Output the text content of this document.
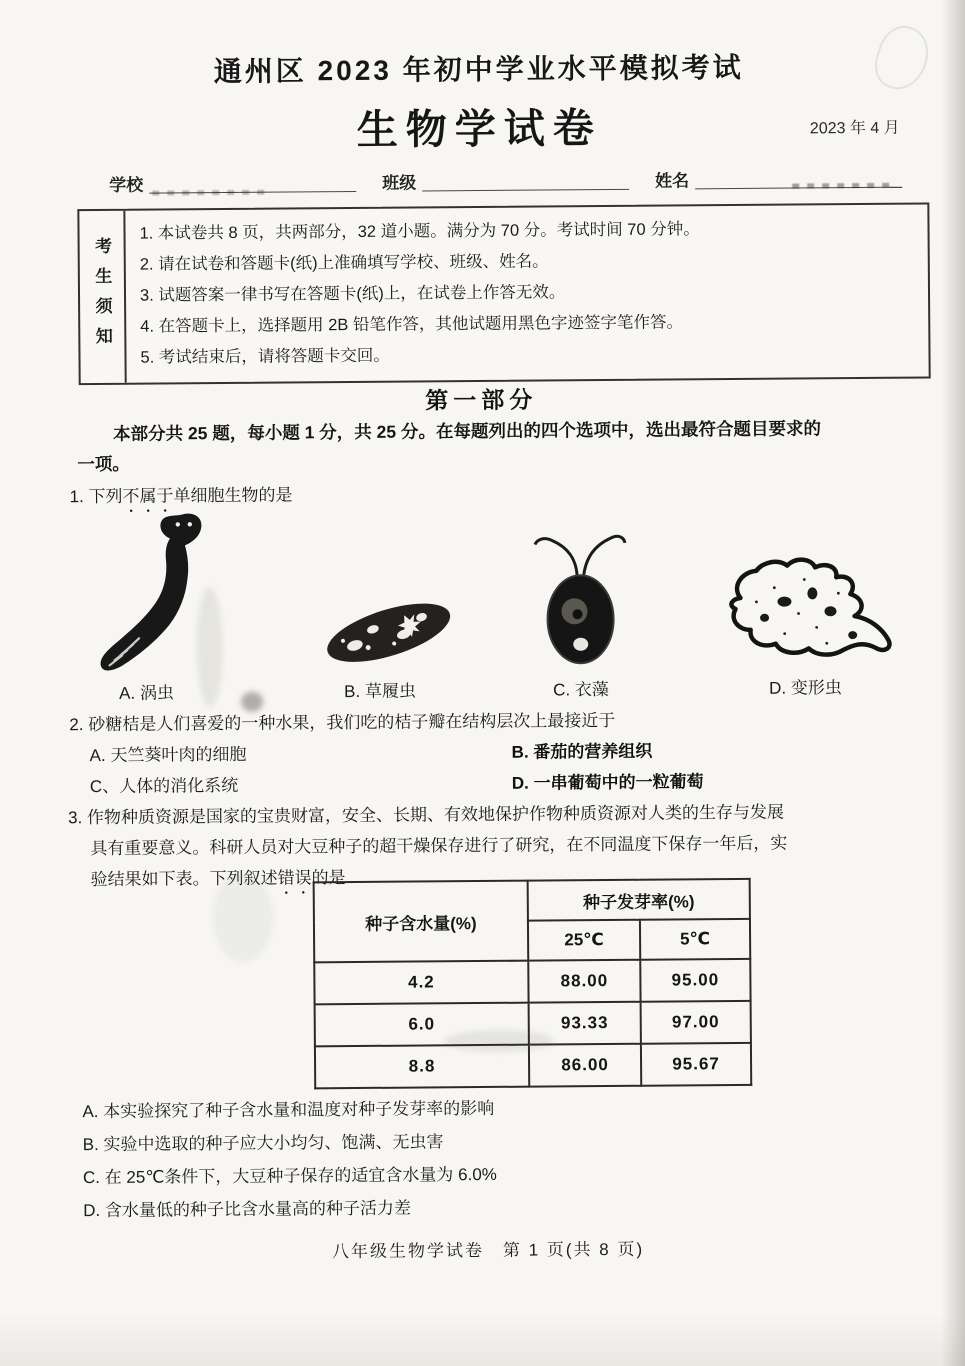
通州区 2023 年初中学业水平模拟考试
生物学试卷	2023 年 4 月
学校	班级	姓名
考生须知
1. 本试卷共 8 页，共两部分，32 道小题。满分为 70 分。考试时间 70 分钟。
2. 请在试卷和答题卡(纸)上准确填写学校、班级、姓名。
3. 试题答案一律书写在答题卡(纸)上，在试卷上作答无效。
4. 在答题卡上，选择题用 2B 铅笔作答，其他试题用黑色字迹签字笔作答。
5. 考试结束后，请将答题卡交回。
第一部分
本部分共 25 题，每小题 1 分，共 25 分。在每题列出的四个选项中，选出最符合题目要求的
一项。
1. 下列不属于单细胞生物的是
A. 涡虫	B. 草履虫	C. 衣藻	D. 变形虫
2. 砂糖桔是人们喜爱的一种水果，我们吃的桔子瓣在结构层次上最接近于
A. 天竺葵叶肉的细胞	B. 番茄的营养组织
C、人体的消化系统	D. 一串葡萄中的一粒葡萄
3. 作物种质资源是国家的宝贵财富，安全、长期、有效地保护作物种质资源对人类的生存与发展
具有重要意义。科研人员对大豆种子的超干燥保存进行了研究，在不同温度下保存一年后，实
验结果如下表。下列叙述错误的是
种子含水量(%)	种子发芽率(%)	
	25℃	5℃
4.2	88.00	95.00
6.0	93.33	97.00
8.8	86.00	95.67
A. 本实验探究了种子含水量和温度对种子发芽率的影响
B. 实验中选取的种子应大小均匀、饱满、无虫害
C. 在 25℃条件下，大豆种子保存的适宜含水量为 6.0%
D. 含水量低的种子比含水量高的种子活力差
八年级生物学试卷　第 1 页(共 8 页)
